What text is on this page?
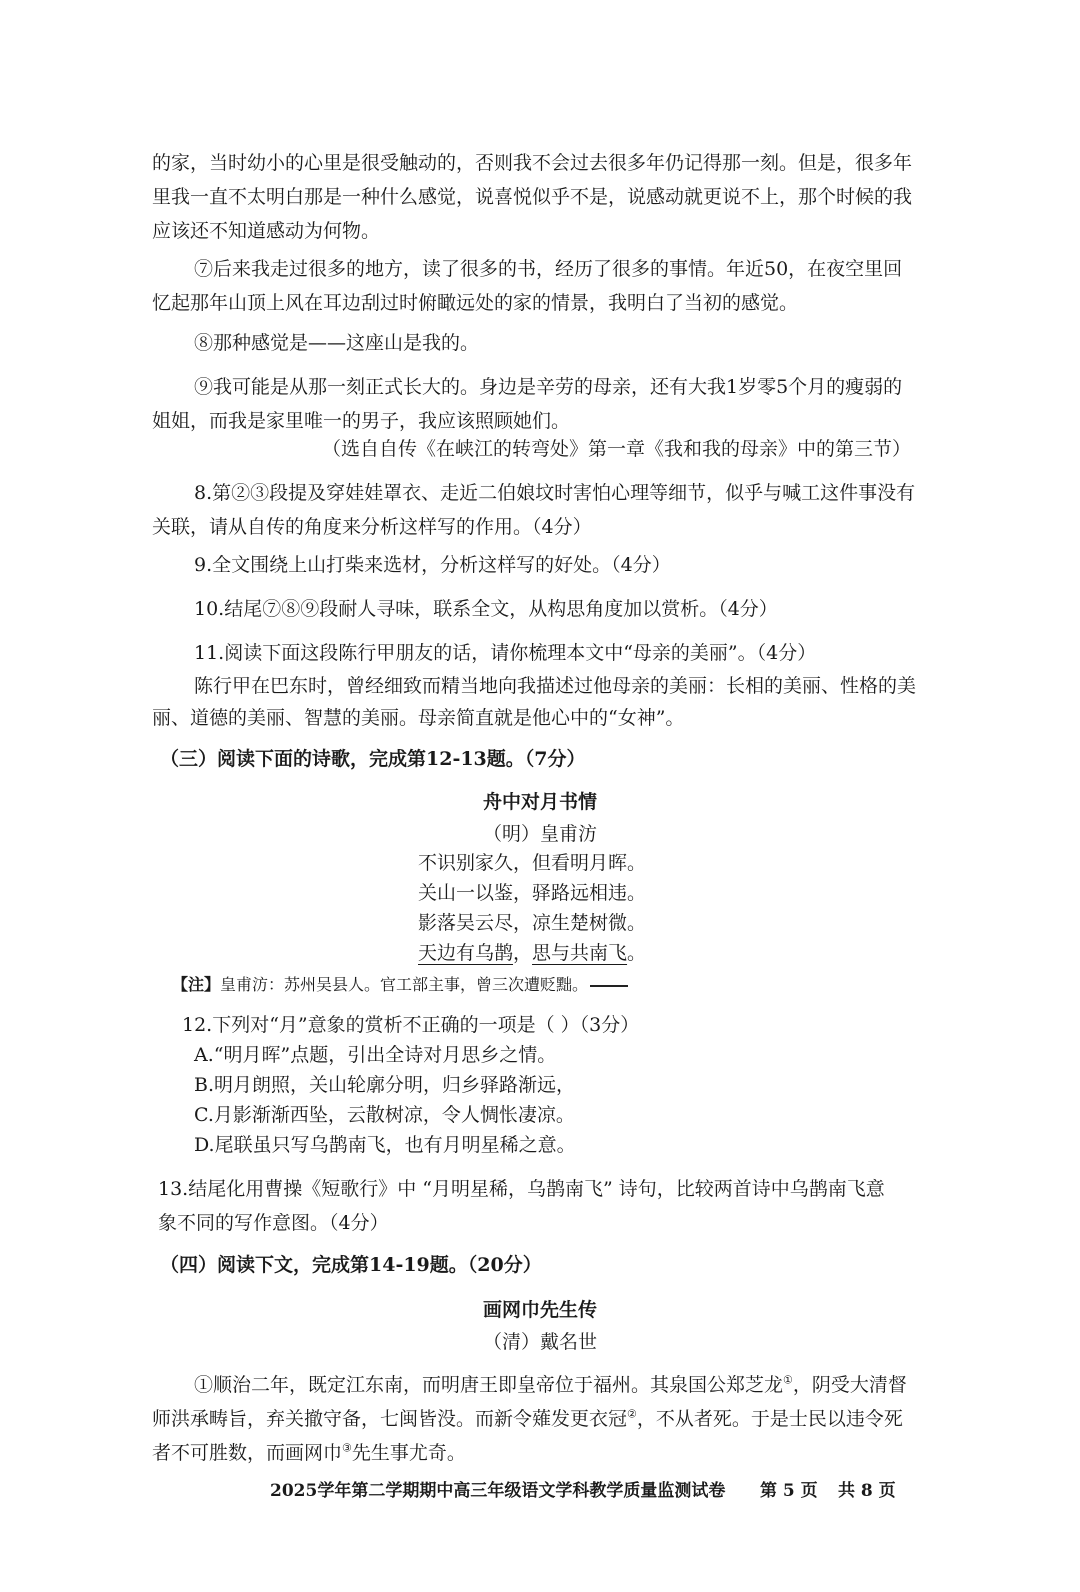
的家，当时幼小的心里是很受触动的，否则我不会过去很多年仍记得那一刻。但是，很多年
里我一直不太明白那是一种什么感觉，说喜悦似乎不是，说感动就更说不上，那个时候的我
应该还不知道感动为何物。
⑦后来我走过很多的地方，读了很多的书，经历了很多的事情。年近50，在夜空里回
忆起那年山顶上风在耳边刮过时俯瞰远处的家的情景，我明白了当初的感觉。
⑧那种感觉是——这座山是我的。
⑨我可能是从那一刻正式长大的。身边是辛劳的母亲，还有大我1岁零5个月的瘦弱的
姐姐，而我是家里唯一的男子，我应该照顾她们。
（选自自传《在峡江的转弯处》第一章《我和我的母亲》中的第三节）
8.第②③段提及穿娃娃罩衣、走近二伯娘坟时害怕心理等细节，似乎与喊工这件事没有
关联，请从自传的角度来分析这样写的作用。（4分）
9.全文围绕上山打柴来选材，分析这样写的好处。（4分）
10.结尾⑦⑧⑨段耐人寻味，联系全文，从构思角度加以赏析。（4分）
11.阅读下面这段陈行甲朋友的话，请你梳理本文中“母亲的美丽”。（4分）
陈行甲在巴东时，曾经细致而精当地向我描述过他母亲的美丽：长相的美丽、性格的美
丽、道德的美丽、智慧的美丽。母亲简直就是他心中的“女神”。
（三）阅读下面的诗歌，完成第12-13题。（7分）
舟中对月书情
（明）皇甫汸
不识别家久，但看明月晖。
关山一以鉴，驿路远相违。
影落吴云尽，凉生楚树微。
天边有乌鹊，思与共南飞。
【注】皇甫汸：苏州吴县人。官工部主事，曾三次遭贬黜。
12.下列对“月”意象的赏析不正确的一项是（ ）（3分）
A.“明月晖”点题，引出全诗对月思乡之情。
B.明月朗照，关山轮廓分明，归乡驿路渐远，
C.月影渐渐西坠，云散树凉，令人惆怅凄凉。
D.尾联虽只写乌鹊南飞，也有月明星稀之意。
13.结尾化用曹操《短歌行》中 “月明星稀，乌鹊南飞” 诗句，比较两首诗中乌鹊南飞意
象不同的写作意图。（4分）
（四）阅读下文，完成第14-19题。（20分）
画网巾先生传
（清）戴名世
①顺治二年，既定江东南，而明唐王即皇帝位于福州。其泉国公郑芝龙①，阴受大清督
师洪承畴旨，弃关撤守备，七闽皆没。而新令薙发更衣冠②，不从者死。于是士民以违令死
者不可胜数，而画网巾③先生事尤奇。
2025学年第二学期期中高三年级语文学科教学质量监测试卷 第 5 页 共 8 页
